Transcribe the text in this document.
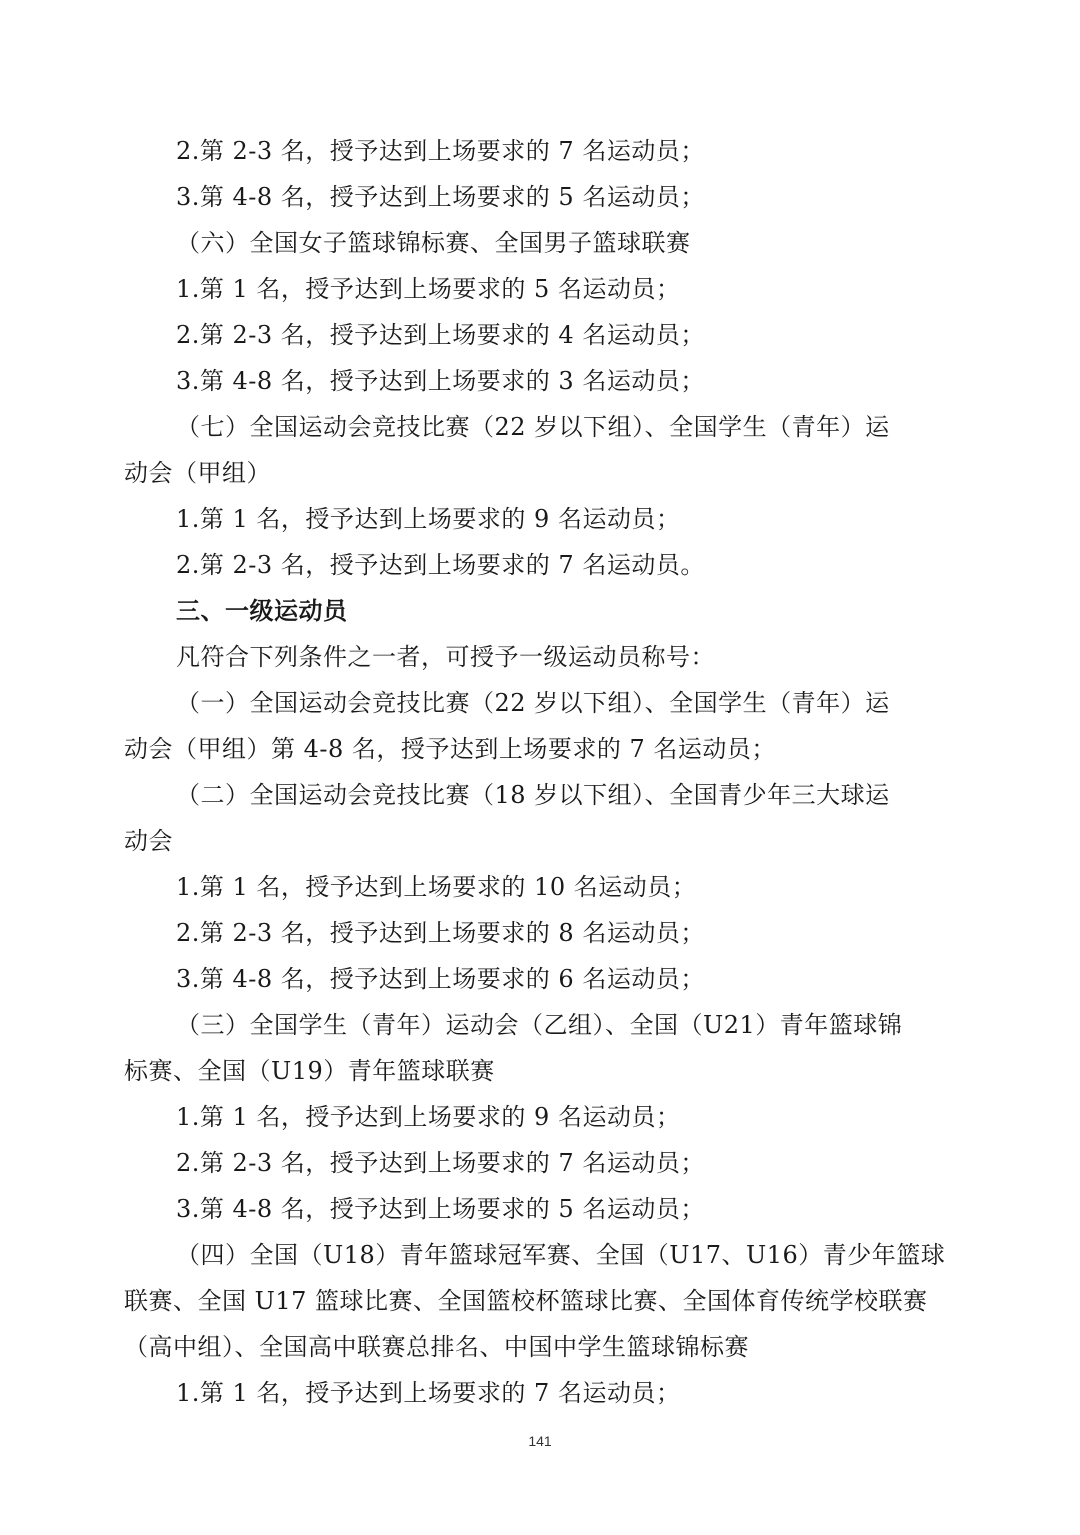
2.第 2-3 名，授予达到上场要求的 7 名运动员；
3.第 4-8 名，授予达到上场要求的 5 名运动员；
（六）全国女子篮球锦标赛、全国男子篮球联赛
1.第 1 名，授予达到上场要求的 5 名运动员；
2.第 2-3 名，授予达到上场要求的 4 名运动员；
3.第 4-8 名，授予达到上场要求的 3 名运动员；
（七）全国运动会竞技比赛（22 岁以下组）、全国学生（青年）运
动会（甲组）
1.第 1 名，授予达到上场要求的 9 名运动员；
2.第 2-3 名，授予达到上场要求的 7 名运动员。
三、一级运动员
凡符合下列条件之一者，可授予一级运动员称号：
（一）全国运动会竞技比赛（22 岁以下组）、全国学生（青年）运
动会（甲组）第 4-8 名，授予达到上场要求的 7 名运动员；
（二）全国运动会竞技比赛（18 岁以下组）、全国青少年三大球运
动会
1.第 1 名，授予达到上场要求的 10 名运动员；
2.第 2-3 名，授予达到上场要求的 8 名运动员；
3.第 4-8 名，授予达到上场要求的 6 名运动员；
（三）全国学生（青年）运动会（乙组）、全国（U21）青年篮球锦
标赛、全国（U19）青年篮球联赛
1.第 1 名，授予达到上场要求的 9 名运动员；
2.第 2-3 名，授予达到上场要求的 7 名运动员；
3.第 4-8 名，授予达到上场要求的 5 名运动员；
（四）全国（U18）青年篮球冠军赛、全国（U17、U16）青少年篮球
联赛、全国 U17 篮球比赛、全国篮校杯篮球比赛、全国体育传统学校联赛
（高中组）、全国高中联赛总排名、中国中学生篮球锦标赛
1.第 1 名，授予达到上场要求的 7 名运动员；
141
